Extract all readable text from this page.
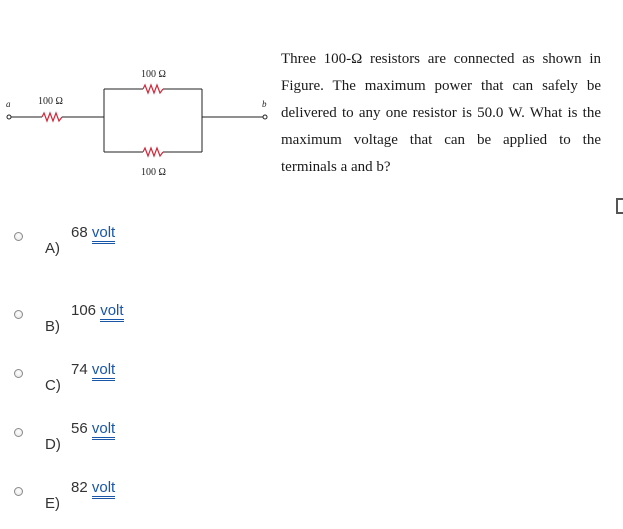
a	100 Ω
100 Ω
100 Ω
b

Three 100-Ω resistors are connected as shown in Figure. The maximum power that can safely be delivered to any one resistor is 50.0 W. What is the maximum voltage that can be applied to the terminals a and b?

A)
68 volt
B)
106 volt
C)
74 volt
D)
56 volt
E)
82 volt
